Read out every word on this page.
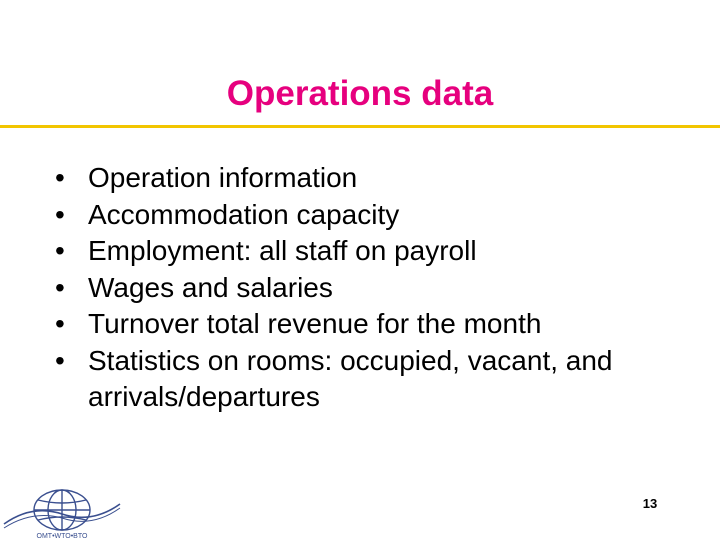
Operations data
• Operation information
• Accommodation capacity
• Employment: all staff on payroll
• Wages and salaries
• Turnover total revenue for the month
• Statistics on rooms: occupied, vacant, and arrivals/departures
OMT•WTO•BTO
13
